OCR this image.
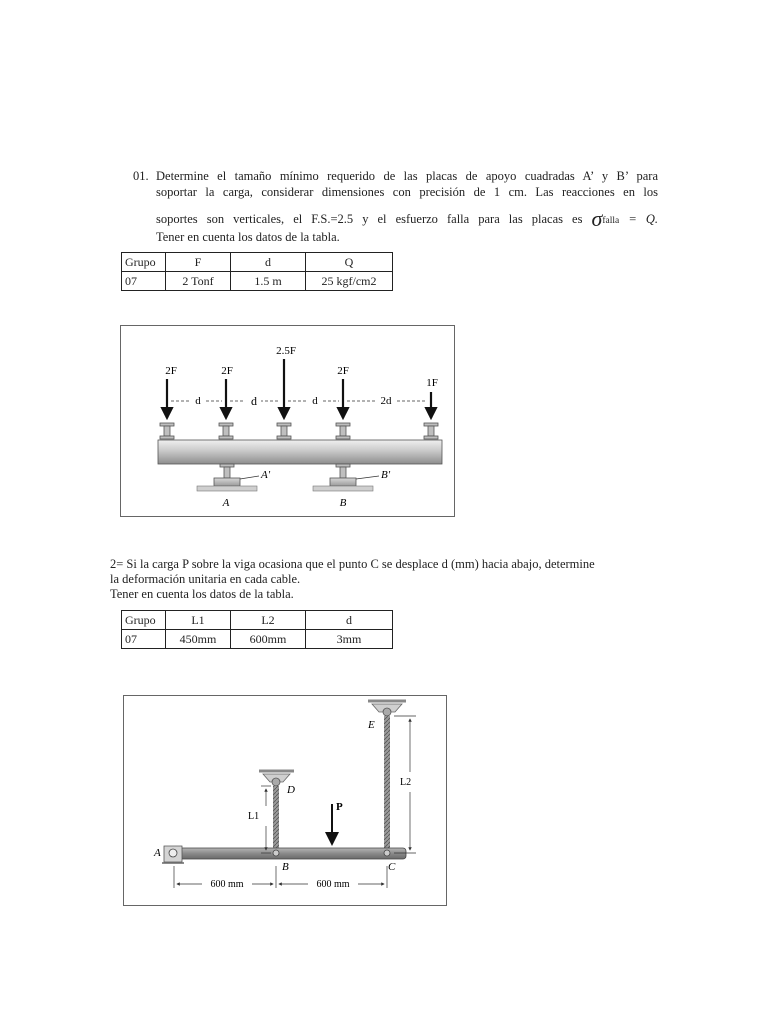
01. Determine el tamaño mínimo requerido de las placas de apoyo cuadradas A’ y B’ para
soportar la carga, considerar dimensiones con precisión de 1 cm. Las reacciones en los
soportes son verticales, el F.S.=2.5 y el esfuerzo falla para las placas es σfalla = Q.
Tener en cuenta los datos de la tabla.
Grupo	F	d	Q
07	2 Tonf	1.5 m	25 kgf/cm2
2F	2F
2.5F
2F
1F
d	d	d	2d
A'	B'
A	B
2= Si la carga P sobre la viga ocasiona que el punto C se desplace d (mm) hacia abajo, determine
la deformación unitaria en cada cable.
Tener en cuenta los datos de la tabla.
Grupo	L1	L2	d
07	450mm	600mm	3mm
P
A
B	C
D
E
L1
L2
600 mm	600 mm
